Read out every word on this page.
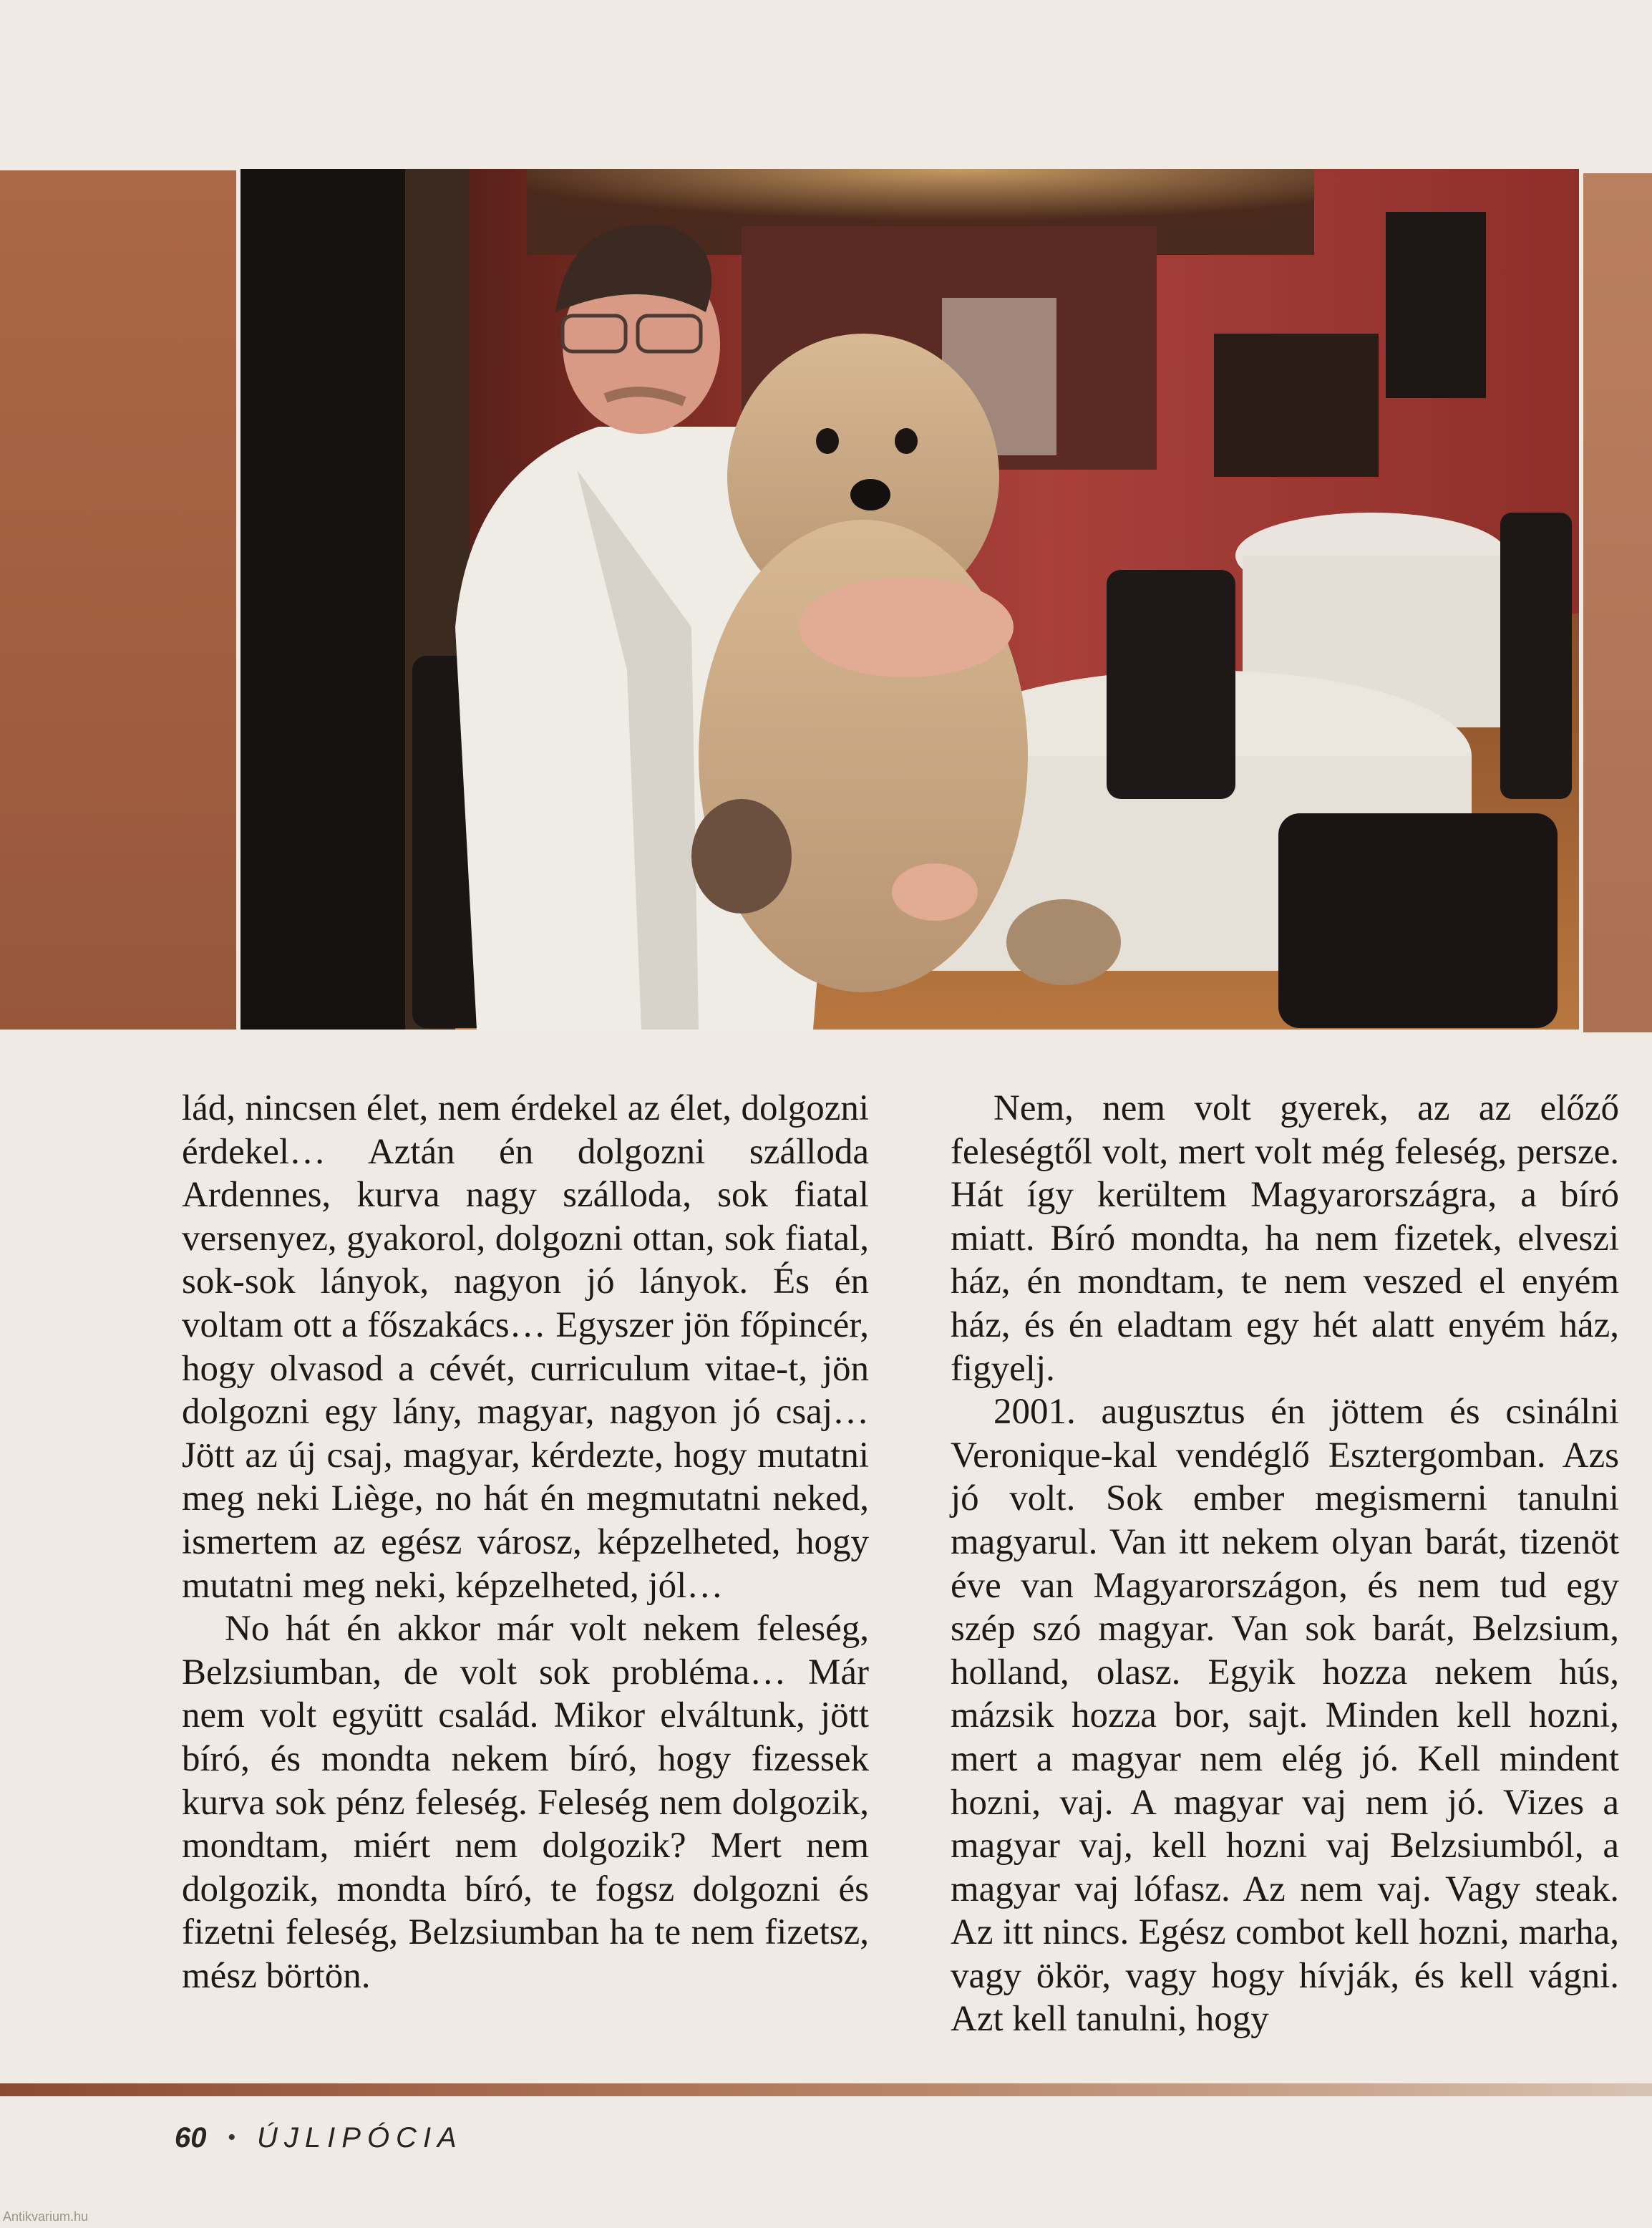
lád, nincsen élet, nem érdekel az élet, dolgozni érdekel… Aztán én dolgozni szálloda Ardennes, kurva nagy szálloda, sok fiatal versenyez, gyakorol, dolgozni ottan, sok fiatal, sok-sok lányok, nagyon jó lányok. És én voltam ott a főszakács… Egyszer jön főpincér, hogy olvasod a cévét, curriculum vitae-t, jön dolgozni egy lány, magyar, nagyon jó csaj… Jött az új csaj, magyar, kérdezte, hogy mutatni meg neki Liège, no hát én megmutatni neked, ismertem az egész városz, képzelheted, hogy mutatni meg neki, képzelheted, jól…

No hát én akkor már volt nekem feleség, Belzsiumban, de volt sok probléma… Már nem volt együtt család. Mikor elváltunk, jött bíró, és mondta nekem bíró, hogy fizessek kurva sok pénz feleség. Feleség nem dolgozik, mondtam, miért nem dolgozik? Mert nem dolgozik, mondta bíró, te fogsz dolgozni és fizetni feleség, Belzsiumban ha te nem fizetsz, mész börtön.

Nem, nem volt gyerek, az az előző feleségtől volt, mert volt még feleség, persze. Hát így kerültem Magyarországra, a bíró miatt. Bíró mondta, ha nem fizetek, elveszi ház, én mondtam, te nem veszed el enyém ház, és én eladtam egy hét alatt enyém ház, figyelj.

2001. augusztus én jöttem és csinálni Veronique-kal vendéglő Esztergomban. Azs jó volt. Sok ember megismerni tanulni magyarul. Van itt nekem olyan barát, tizenöt éve van Magyarországon, és nem tud egy szép szó magyar. Van sok barát, Belzsium, holland, olasz. Egyik hozza nekem hús, mázsik hozza bor, sajt. Minden kell hozni, mert a magyar nem elég jó. Kell mindent hozni, vaj. A magyar vaj nem jó. Vizes a magyar vaj, kell hozni vaj Belzsiumból, a magyar vaj lófasz. Az nem vaj. Vagy steak. Az itt nincs. Egész combot kell hozni, marha, vagy ökör, vagy hogy hívják, és kell vágni. Azt kell tanulni, hogy

60 • ÚJLIPÓCIA
Antikvarium.hu
